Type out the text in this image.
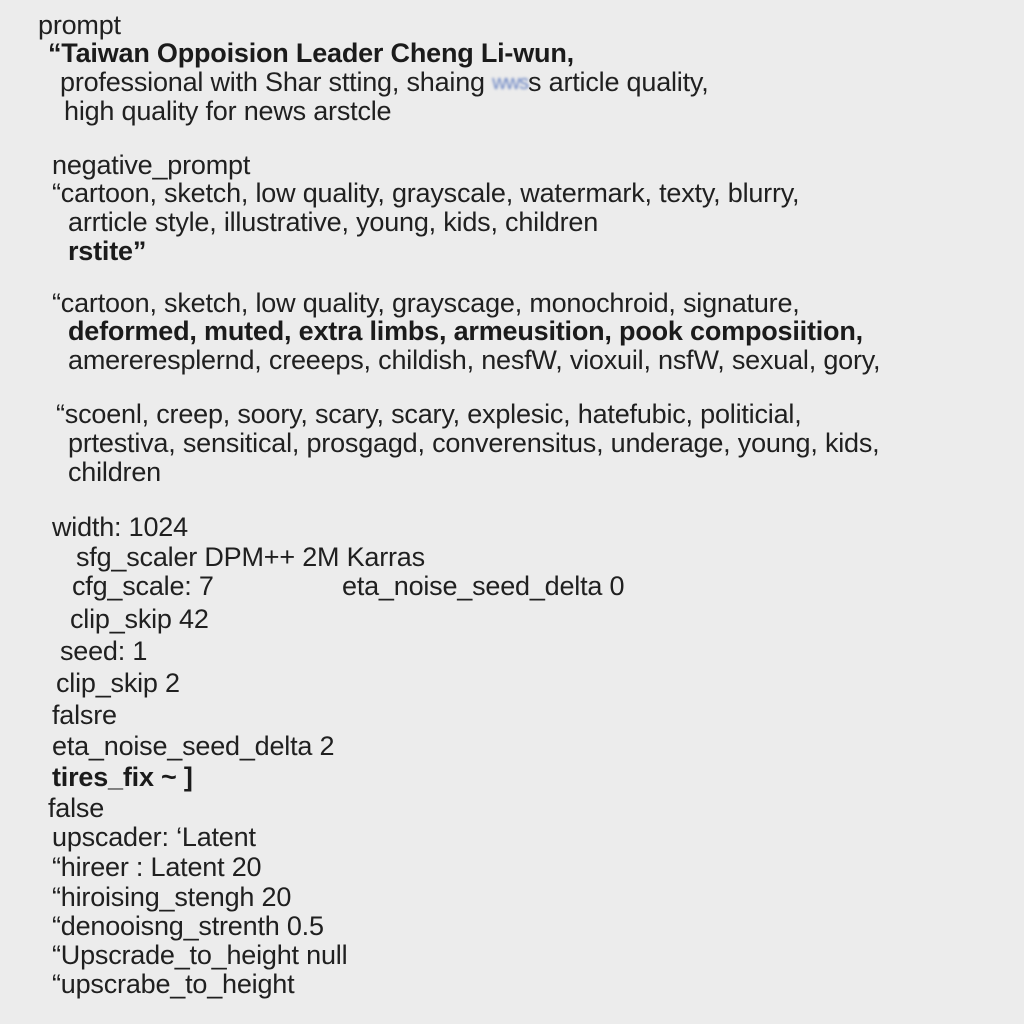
prompt
“Taiwan Oppoision Leader Cheng Li-wun,
professional with Shar stting, shaing wwss article quality,
high quality for news arstcle
negative_prompt
“cartoon, sketch, low quality, grayscale, watermark, texty, blurry,
arrticle style, illustrative, young, kids, children
rstite”
“cartoon, sketch, low quality, grayscage, monochroid, signature,
deformed, muted, extra limbs, armeusition, pook composiition,
amererespler‍nd, creeeps, childish, nesfW, vioxuil, nsfW, sexual, gory,
“scoenl, creep, soory, scary, scary, explesic, hatefubic, politicial,
prtestiva, sensitical, prosgagd, converensitus, underage, young, kids,
children
width: 1024
sfg_scaler DPM++ 2M Karras
cfg_scale: 7	eta_noise_seed_delta 0
clip_skip 42
seed: 1
clip_skip 2
falsre
eta_noise_seed_delta 2
tires_fix ~ ]
false
upscader: ‘Latent
“hireer : Latent 20
“hiroising_stengh 20
“denooisng_strenth 0.5
“Upscrade_to_height null
“upscrabe_to_height
